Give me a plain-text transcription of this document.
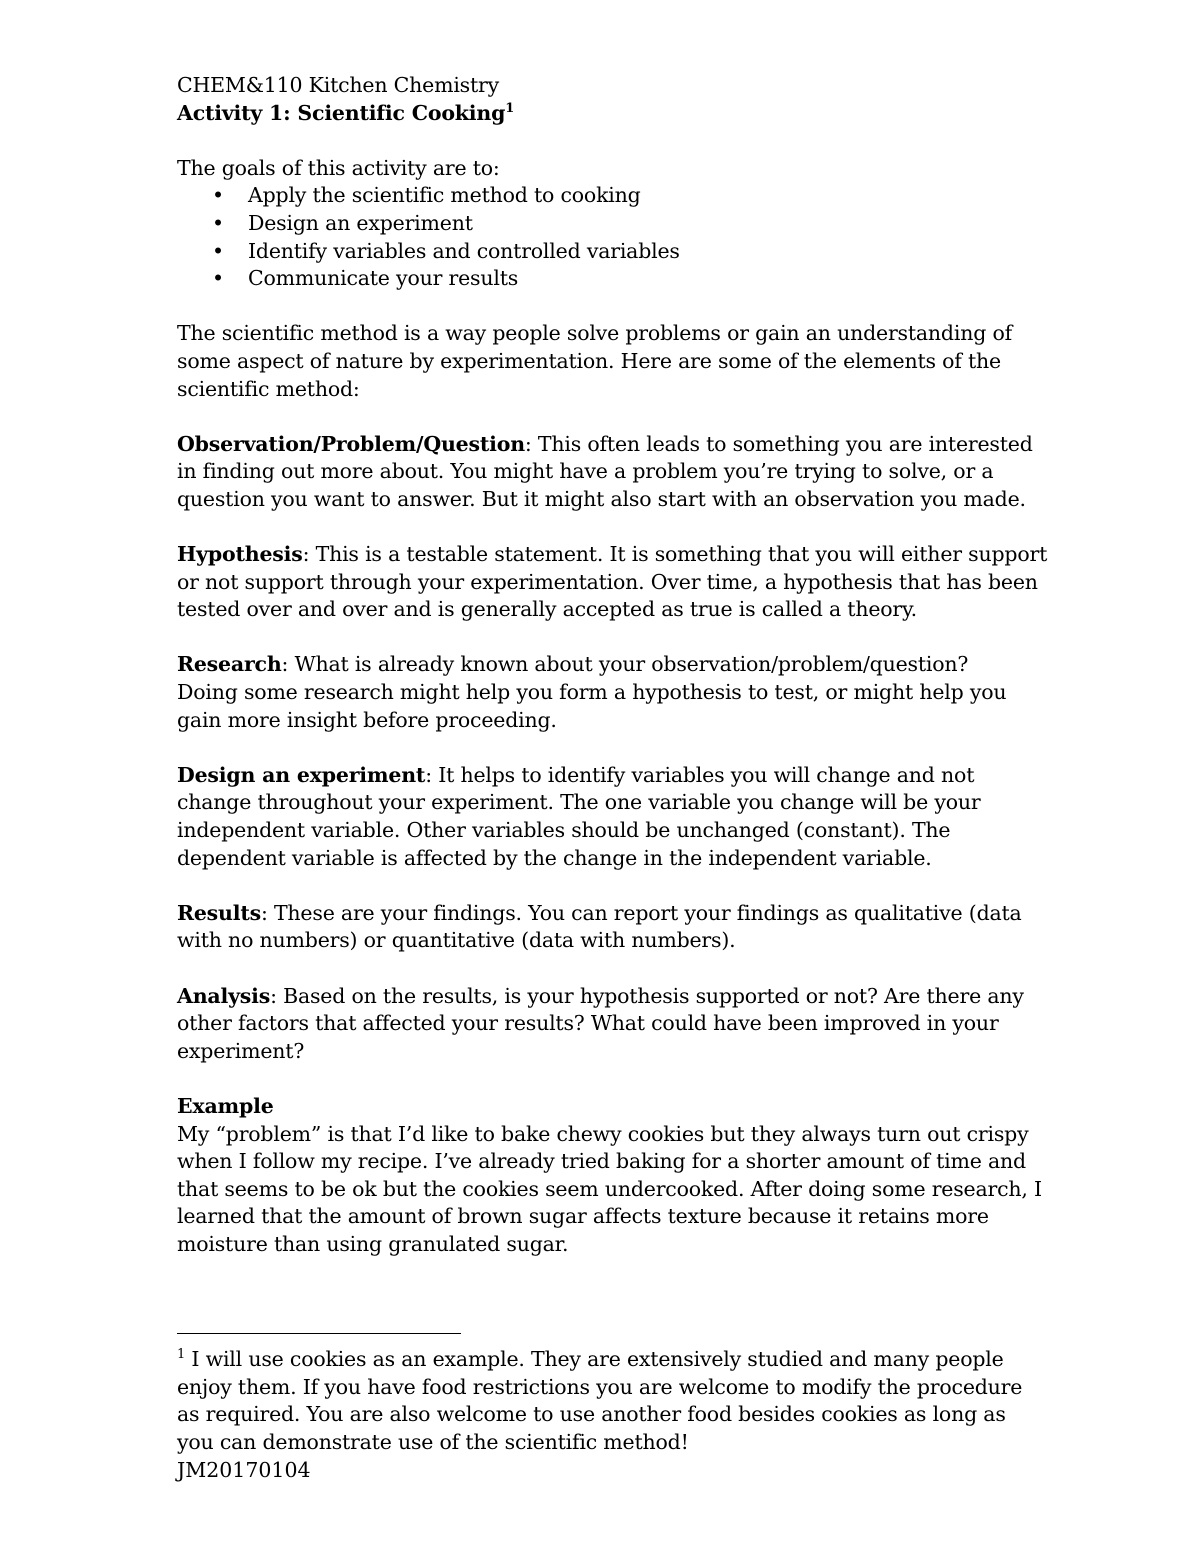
CHEM&110 Kitchen Chemistry
Activity 1: Scientific Cooking$^1$
The goals of this activity are to:
• Apply the scientific method to cooking
• Design an experiment
• Identify variables and controlled variables
• Communicate your results

The scientific method is a way people solve problems or gain an understanding of
some aspect of nature by experimentation. Here are some of the elements of the
scientific method:

Observation/Problem/Question: This often leads to something you are interested
in finding out more about. You might have a problem you’re trying to solve, or a
question you want to answer. But it might also start with an observation you made.

Hypothesis: This is a testable statement. It is something that you will either support
or not support through your experimentation. Over time, a hypothesis that has been
tested over and over and is generally accepted as true is called a theory.

Research: What is already known about your observation/problem/question?
Doing some research might help you form a hypothesis to test, or might help you
gain more insight before proceeding.

Design an experiment: It helps to identify variables you will change and not
change throughout your experiment. The one variable you change will be your
independent variable. Other variables should be unchanged (constant). The
dependent variable is affected by the change in the independent variable.

Results: These are your findings. You can report your findings as qualitative (data
with no numbers) or quantitative (data with numbers).

Analysis: Based on the results, is your hypothesis supported or not? Are there any
other factors that affected your results? What could have been improved in your
experiment?

Example
My “problem” is that I’d like to bake chewy cookies but they always turn out crispy
when I follow my recipe. I’ve already tried baking for a shorter amount of time and
that seems to be ok but the cookies seem undercooked. After doing some research, I
learned that the amount of brown sugar affects texture because it retains more
moisture than using granulated sugar.
$^1$ I will use cookies as an example. They are extensively studied and many people
enjoy them. If you have food restrictions you are welcome to modify the procedure
as required. You are also welcome to use another food besides cookies as long as
you can demonstrate use of the scientific method!
JM20170104
